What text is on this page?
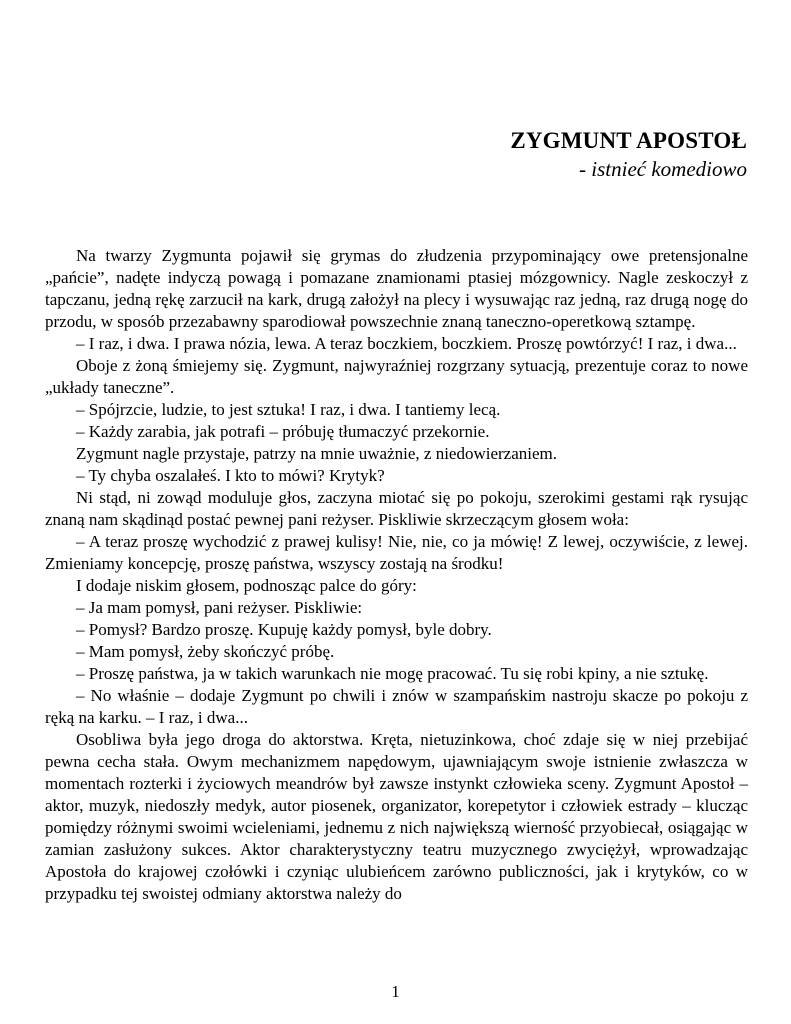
ZYGMUNT APOSTOŁ
- istnieć komediowo

Na twarzy Zygmunta pojawił się grymas do złudzenia przypominający owe pretensjonalne „pańcie”, nadęte indyczą powagą i pomazane znamionami ptasiej mózgownicy. Nagle zeskoczył z tapczanu, jedną rękę zarzucił na kark, drugą założył na plecy i wysuwając raz jedną, raz drugą nogę do przodu, w sposób przezabawny sparodiował powszechnie znaną taneczno-operetkową sztampę.

– I raz, i dwa. I prawa nózia, lewa. A teraz boczkiem, boczkiem. Proszę powtórzyć! I raz, i dwa...

Oboje z żoną śmiejemy się. Zygmunt, najwyraźniej rozgrzany sytuacją, prezentuje coraz to nowe „układy taneczne”.

– Spójrzcie, ludzie, to jest sztuka! I raz, i dwa. I tantiemy lecą.

– Każdy zarabia, jak potrafi – próbuję tłumaczyć przekornie.

Zygmunt nagle przystaje, patrzy na mnie uważnie, z niedowierzaniem.

– Ty chyba oszalałeś. I kto to mówi? Krytyk?

Ni stąd, ni zowąd moduluje głos, zaczyna miotać się po pokoju, szerokimi gestami rąk rysując znaną nam skądinąd postać pewnej pani reżyser. Piskliwie skrzeczącym głosem woła:

– A teraz proszę wychodzić z prawej kulisy! Nie, nie, co ja mówię! Z lewej, oczywiście, z lewej. Zmieniamy koncepcję, proszę państwa, wszyscy zostają na środku!

I dodaje niskim głosem, podnosząc palce do góry:

– Ja mam pomysł, pani reżyser. Piskliwie:

– Pomysł? Bardzo proszę. Kupuję każdy pomysł, byle dobry.

– Mam pomysł, żeby skończyć próbę.

– Proszę państwa, ja w takich warunkach nie mogę pracować. Tu się robi kpiny, a nie sztukę.

– No właśnie – dodaje Zygmunt po chwili i znów w szampańskim nastroju skacze po pokoju z ręką na karku. – I raz, i dwa...

Osobliwa była jego droga do aktorstwa. Kręta, nietuzinkowa, choć zdaje się w niej przebijać pewna cecha stała. Owym mechanizmem napędowym, ujawniającym swoje istnienie zwłaszcza w momentach rozterki i życiowych meandrów był zawsze instynkt człowieka sceny. Zygmunt Apostoł – aktor, muzyk, niedoszły medyk, autor piosenek, organizator, korepetytor i człowiek estrady – klucząc pomiędzy różnymi swoimi wcieleniami, jednemu z nich największą wierność przyobiecał, osiągając w zamian zasłużony sukces. Aktor charakterystyczny teatru muzycznego zwyciężył, wprowadzając Apostoła do krajowej czołówki i czyniąc ulubieńcem zarówno publiczności, jak i krytyków, co w przypadku tej swoistej odmiany aktorstwa należy do

1
